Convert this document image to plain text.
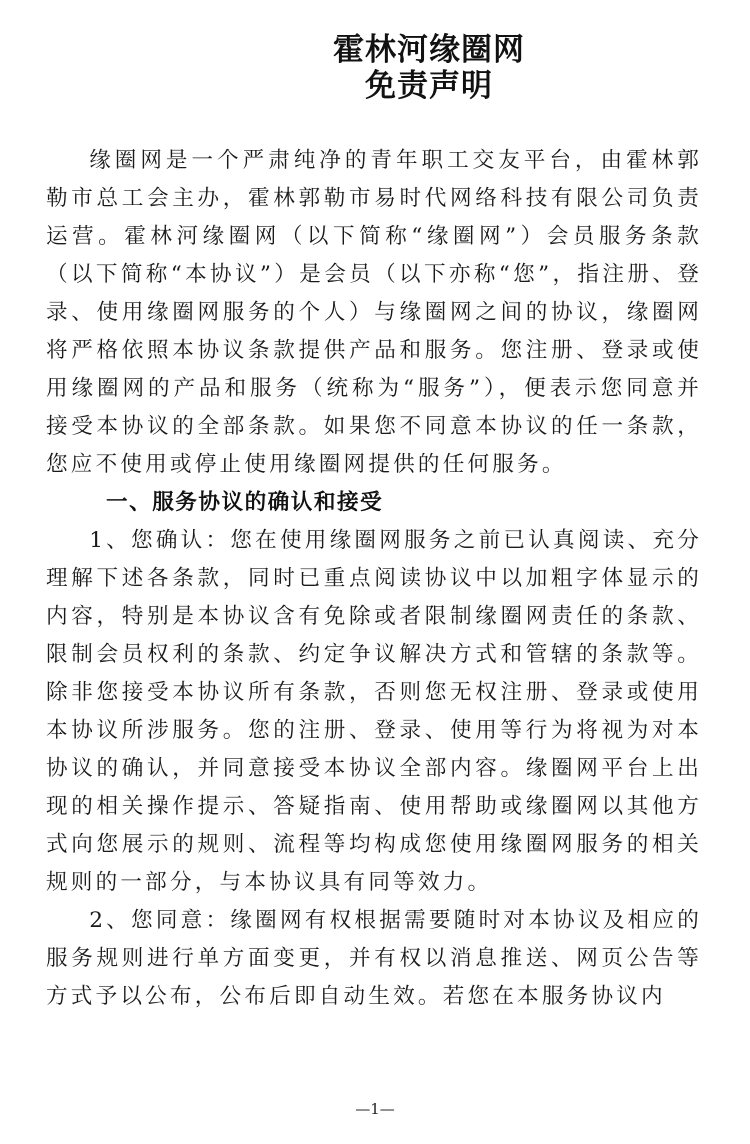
霍林河缘圈网
免责声明

缘圈网是一个严肃纯净的青年职工交友平台，由霍林郭勒市总工会主办，霍林郭勒市易时代网络科技有限公司负责运营。霍林河缘圈网（以下简称“缘圈网”）会员服务条款（以下简称“本协议”）是会员（以下亦称“您”，指注册、登录、使用缘圈网服务的个人）与缘圈网之间的协议，缘圈网将严格依照本协议条款提供产品和服务。您注册、登录或使用缘圈网的产品和服务（统称为“服务”），便表示您同意并接受本协议的全部条款。如果您不同意本协议的任一条款，您应不使用或停止使用缘圈网提供的任何服务。

一、服务协议的确认和接受

1、您确认：您在使用缘圈网服务之前已认真阅读、充分理解下述各条款，同时已重点阅读协议中以加粗字体显示的内容，特别是本协议含有免除或者限制缘圈网责任的条款、限制会员权利的条款、约定争议解决方式和管辖的条款等。除非您接受本协议所有条款，否则您无权注册、登录或使用本协议所涉服务。您的注册、登录、使用等行为将视为对本协议的确认，并同意接受本协议全部内容。缘圈网平台上出现的相关操作提示、答疑指南、使用帮助或缘圈网以其他方式向您展示的规则、流程等均构成您使用缘圈网服务的相关规则的一部分，与本协议具有同等效力。

2、您同意：缘圈网有权根据需要随时对本协议及相应的服务规则进行单方面变更，并有权以消息推送、网页公告等方式予以公布，公布后即自动生效。若您在本服务协议内

—1—
